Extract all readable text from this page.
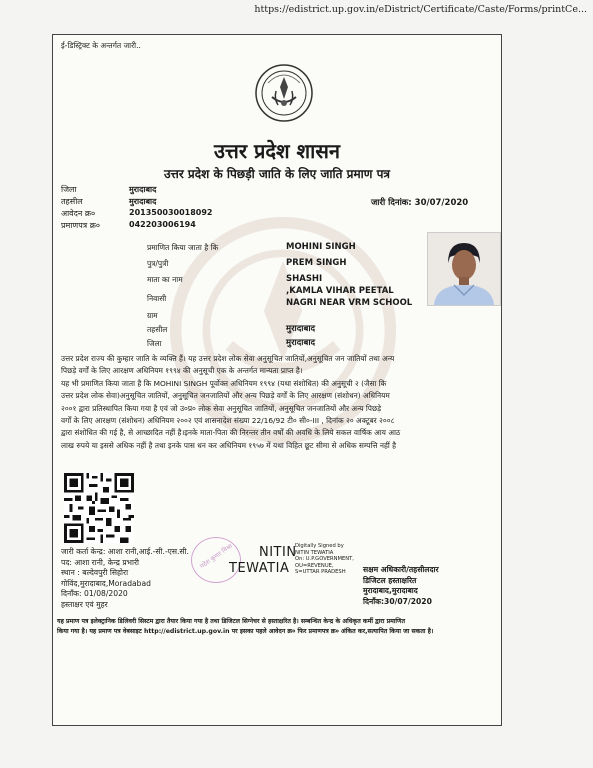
https://edistrict.up.gov.in/eDistrict/Certificate/Caste/Forms/printCe...
ई-डिस्ट्रिक्ट के अन्तर्गत जारी..
उत्तर प्रदेश शासन
उत्तर प्रदेश के पिछड़ी जाति के लिए जाति प्रमाण पत्र
जिला	मुरादाबाद
तहसील	मुरादाबाद
आवेदन क्र०	201350030018092
प्रमाणपत्र क्र०	042203006194
जारी दिनांक: 30/07/2020
प्रमाणित किया जाता है कि	MOHINI SINGH
पुत्र/पुत्री	PREM SINGH
माता का नाम	SHASHI
निवासी
,KAMLA VIHAR PEETAL
NAGRI NEAR VRM SCHOOL
ग्राम
तहसील	मुरादाबाद
जिला	मुरादाबाद
उत्तर प्रदेश राज्य की कुम्हार जाति के व्यक्ति हैं। यह उत्तर प्रदेश लोक सेवा अनुसूचित जातियों,अनुसूचित जन जातियों तथा अन्य
पिछड़े वर्गों के लिए आरक्षण अधिनियम १९९४ की अनुसूची एक के अन्तर्गत मान्यता प्राप्त है।
यह भी प्रमाणित किया जाता है कि MOHINI SINGH पूर्वोक्त अधिनियम १९९४ (यथा संशोधित) की अनुसूची २ (जैसा कि
उत्तर प्रदेश लोक सेवा)अनुसूचित जातियों, अनुसूचित जनजातियों और अन्य पिछड़े वर्गों के लिए आरक्षण (संशोधन) अधिनियम
२००१ द्वारा प्रतिस्थापित किया गया है एवं जो उ०प्र० लोक सेवा अनुसूचित जातियों, अनुसूचित जनजातियों और अन्य पिछड़े
वर्गों के लिए आरक्षण (संशोधन) अधिनियम २००२ एवं शासनादेश संख्या 22/16/92 टी० सी०-III , दिनांक २० अक्टूबर २००८
द्वारा संशोधित की गई है, से आच्छादित नहीं है।इनके माता-पिता की निरन्तर तीन वर्षों की अवधि के लिये सकल वार्षिक आय आठ
लाख रुपये या इससे अधिक नहीं है तथा इनके पास धन कर अधिनियम १९५७ में यथा विहित छूट सीमा से अधिक सम्पत्ति नहीं है
जारी कर्ता केन्द्र: आशा रानी,आई.-सी.-एस.सी.
पद: आशा रानी, केन्द्र प्रभारी
स्थान : बल्देवपुरी सिहोरा
गोविंद,मुरादाबाद,Moradabad
दिनाँक: 01/08/2020
हस्ताक्षर एवं मुहर
महेश कुमार मिश्रा	NITIN
TEWATIA
Digitally Signed by
NITIN TEWATIA
On: U.P.GOVERNMENT,
OU=REVENUE,
S=UTTAR PRADESH	सक्षम अधिकारी/तहसीलदार
डिजिटल हस्ताक्षरित
मुरादाबाद,मुरादाबाद
दिनाँक:30/07/2020
यह प्रमाण पत्र इलेक्ट्रानिक डिलिवरी सिस्टम द्वारा तैयार किया गया है तथा डिजिटल सिग्नेचर से हस्ताक्षरित है। सम्बन्धित केन्द्र के अधिकृत कर्मी द्वारा प्रमाणित
किया गया है। यह प्रमाण पत्र वेबसाइट http://edistrict.up.gov.in पर इसका पहले आवेदन क्र० फिर प्रमाणपत्र क्र० अंकित कर,सत्यापित किया जा सकता है।
